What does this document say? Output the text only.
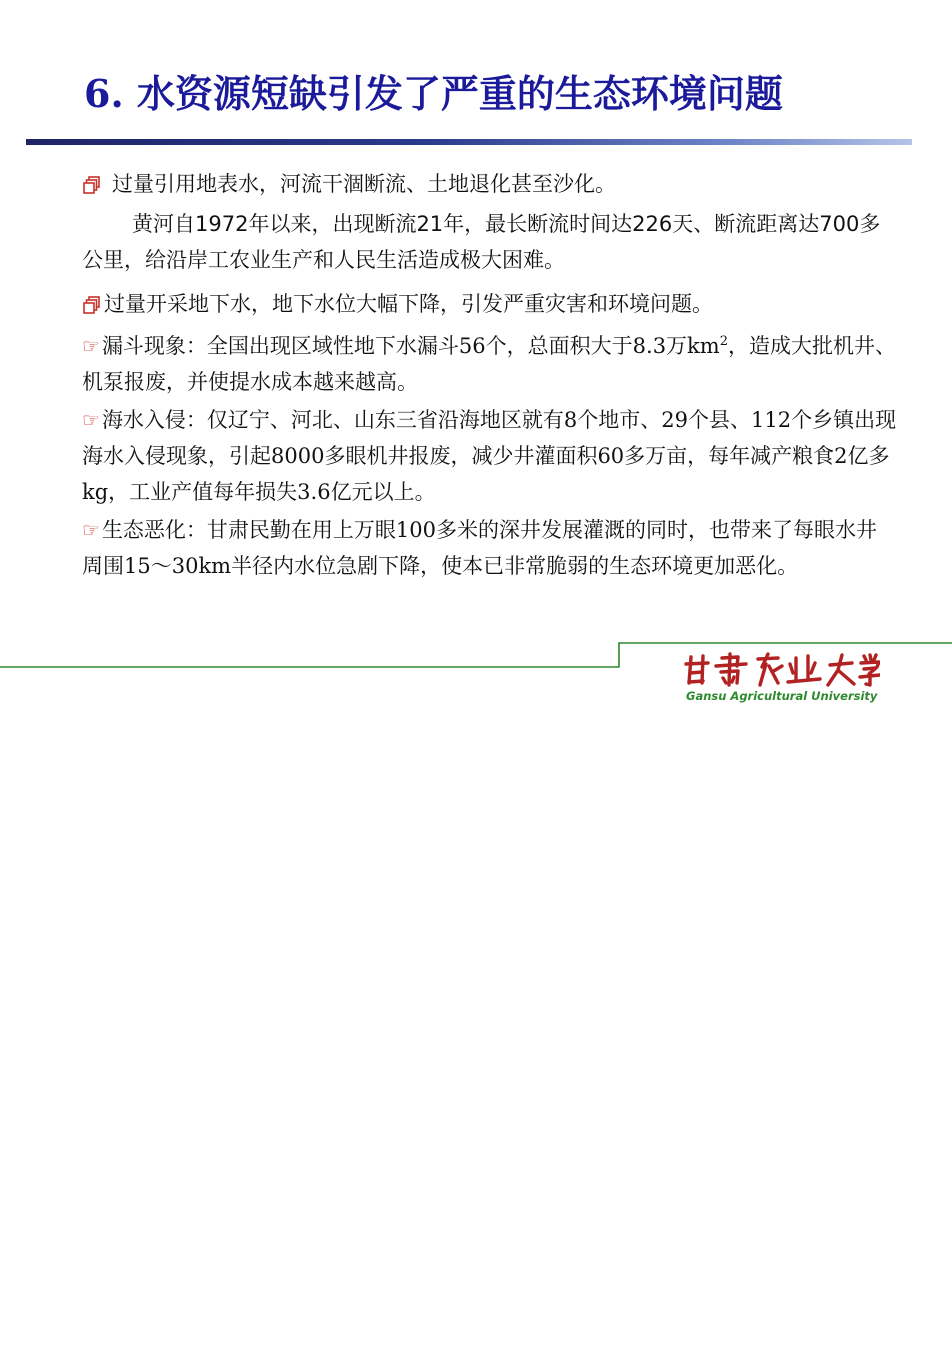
6. 水资源短缺引发了严重的生态环境问题

过量引用地表水，河流干涸断流、土地退化甚至沙化。

黄河自1972年以来，出现断流21年，最长断流时间达226天、断流距离达700多公里，给沿岸工农业生产和人民生活造成极大困难。

过量开采地下水，地下水位大幅下降，引发严重灾害和环境问题。

☞漏斗现象：全国出现区域性地下水漏斗56个，总面积大于8.3万$km^2$，造成大批机井、机泵报废，并使提水成本越来越高。

☞海水入侵：仅辽宁、河北、山东三省沿海地区就有8个地市、29个县、112个乡镇出现海水入侵现象，引起8000多眼机井报废，减少井灌面积60多万亩，每年减产粮食2亿多kg，工业产值每年损失3.6亿元以上。

☞生态恶化：甘肃民勤在用上万眼100多米的深井发展灌溉的同时，也带来了每眼水井周围15～30km半径内水位急剧下降，使本已非常脆弱的生态环境更加恶化。

Gansu Agricultural University
